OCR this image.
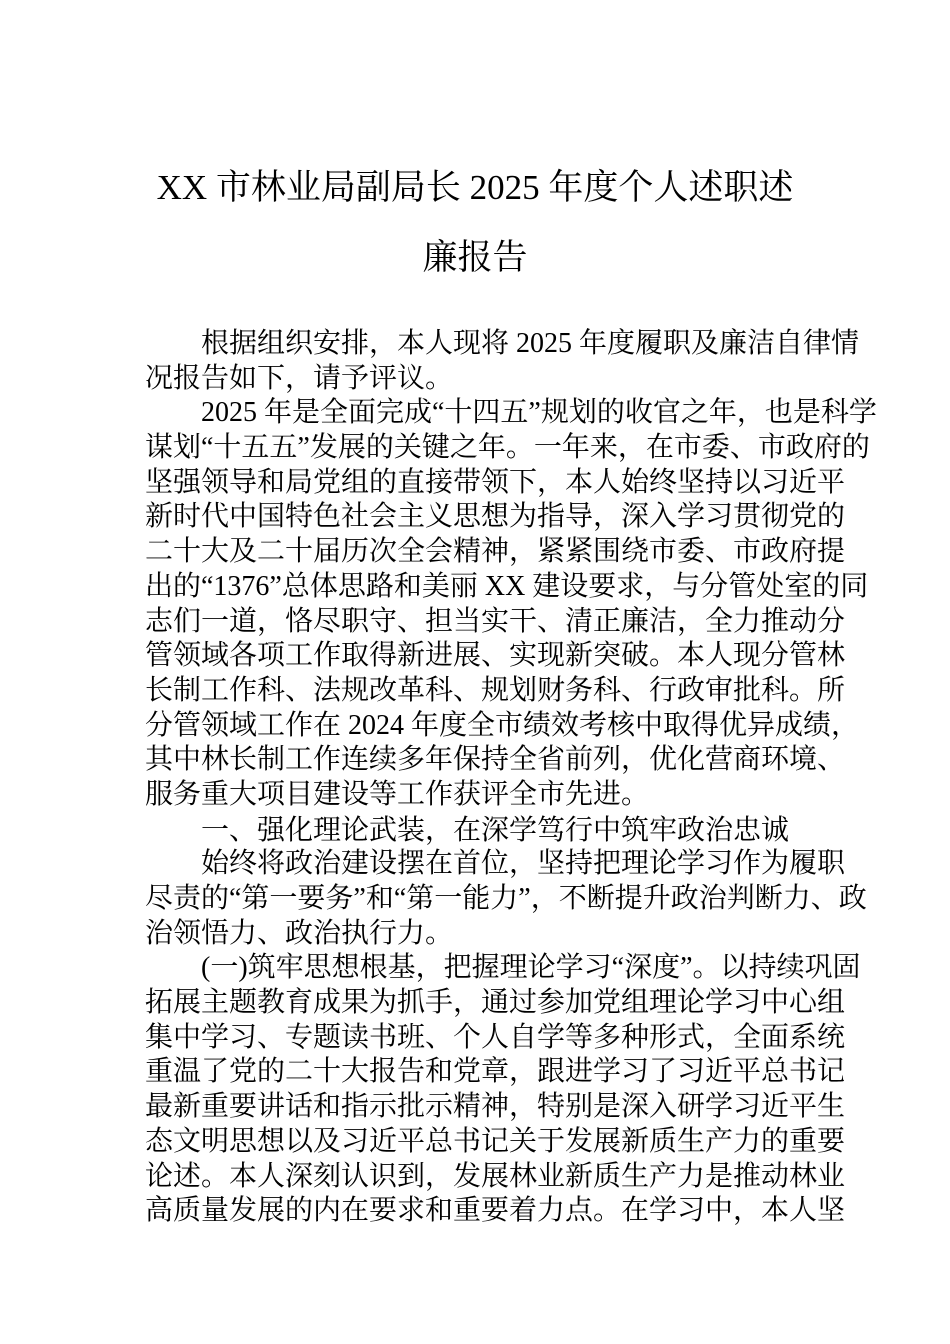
XX 市林业局副局长 2025 年度个人述职述
廉报告
根据组织安排，本人现将 2025 年度履职及廉洁自律情
况报告如下，请予评议。
2025 年是全面完成“十四五”规划的收官之年，也是科学
谋划“十五五”发展的关键之年。一年来，在市委、市政府的
坚强领导和局党组的直接带领下，本人始终坚持以习近平
新时代中国特色社会主义思想为指导，深入学习贯彻党的
二十大及二十届历次全会精神，紧紧围绕市委、市政府提
出的“1376”总体思路和美丽 XX 建设要求，与分管处室的同
志们一道，恪尽职守、担当实干、清正廉洁，全力推动分
管领域各项工作取得新进展、实现新突破。本人现分管林
长制工作科、法规改革科、规划财务科、行政审批科。所
分管领域工作在 2024 年度全市绩效考核中取得优异成绩，
其中林长制工作连续多年保持全省前列，优化营商环境、
服务重大项目建设等工作获评全市先进。
一、强化理论武装，在深学笃行中筑牢政治忠诚
始终将政治建设摆在首位，坚持把理论学习作为履职
尽责的“第一要务”和“第一能力”，不断提升政治判断力、政
治领悟力、政治执行力。
(一)筑牢思想根基，把握理论学习“深度”。以持续巩固
拓展主题教育成果为抓手，通过参加党组理论学习中心组
集中学习、专题读书班、个人自学等多种形式，全面系统
重温了党的二十大报告和党章，跟进学习了习近平总书记
最新重要讲话和指示批示精神，特别是深入研学习近平生
态文明思想以及习近平总书记关于发展新质生产力的重要
论述。本人深刻认识到，发展林业新质生产力是推动林业
高质量发展的内在要求和重要着力点。在学习中，本人坚
